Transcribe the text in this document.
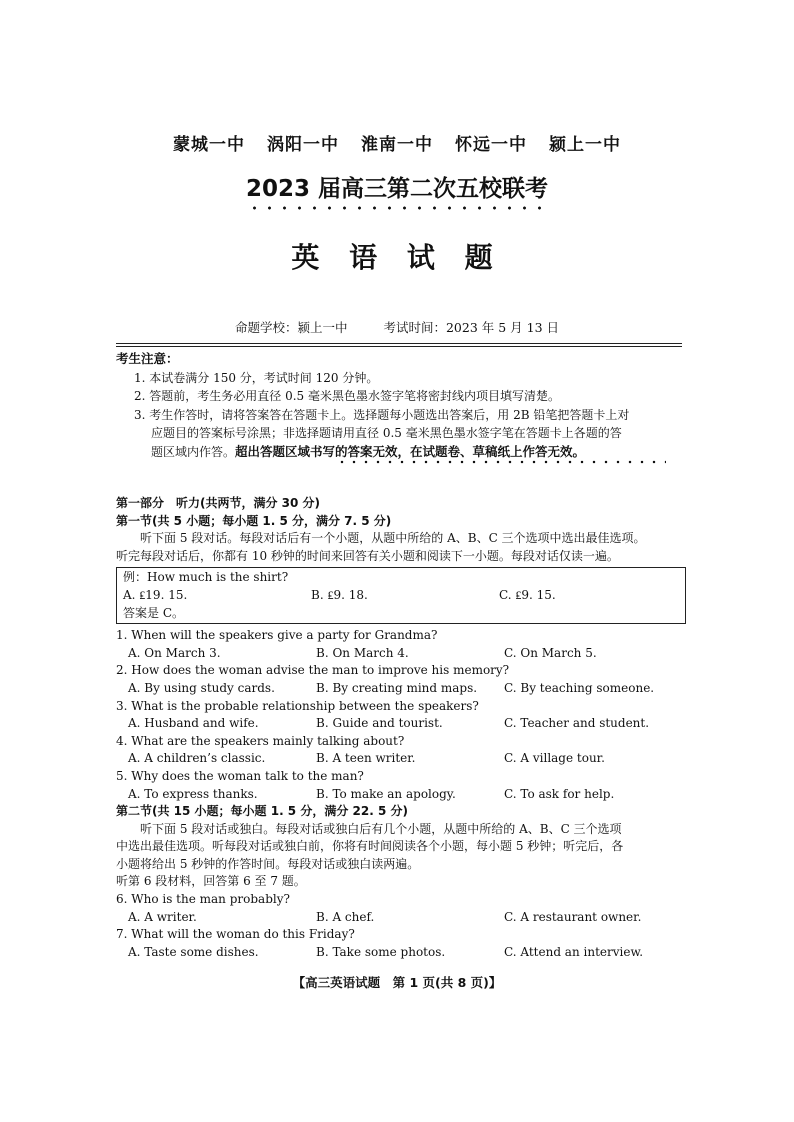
蒙城一中 涡阳一中 淮南一中 怀远一中 颍上一中
2023 届高三第二次五校联考
英 语 试 题
命题学校：颍上一中	考试时间：2023 年 5 月 13 日
考生注意：
1. 本试卷满分 150 分，考试时间 120 分钟。
2. 答题前，考生务必用直径 0.5 毫米黑色墨水签字笔将密封线内项目填写清楚。
3. 考生作答时，请将答案答在答题卡上。选择题每小题选出答案后，用 2B 铅笔把答题卡上对
应题目的答案标号涂黑；非选择题请用直径 0.5 毫米黑色墨水签字笔在答题卡上各题的答
题区域内作答。超出答题区域书写的答案无效，在试题卷、草稿纸上作答无效。
第一部分　听力(共两节，满分 30 分)
第一节(共 5 小题；每小题 1. 5 分，满分 7. 5 分)
听下面 5 段对话。每段对话后有一个小题，从题中所给的 A、B、C 三个选项中选出最佳选项。
听完每段对话后，你都有 10 秒钟的时间来回答有关小题和阅读下一小题。每段对话仅读一遍。
例：How much is the shirt?
A. ₤19. 15.	B. ₤9. 18.	C. ₤9. 15.
答案是 C。
1. When will the speakers give a party for Grandma?
A. On March 3.	B. On March 4.	C. On March 5.
2. How does the woman advise the man to improve his memory?
A. By using study cards.	B. By creating mind maps.	C. By teaching someone.
3. What is the probable relationship between the speakers?
A. Husband and wife.	B. Guide and tourist.	C. Teacher and student.
4. What are the speakers mainly talking about?
A. A children’s classic.	B. A teen writer.	C. A village tour.
5. Why does the woman talk to the man?
A. To express thanks.	B. To make an apology.	C. To ask for help.
第二节(共 15 小题；每小题 1. 5 分，满分 22. 5 分)
听下面 5 段对话或独白。每段对话或独白后有几个小题，从题中所给的 A、B、C 三个选项
中选出最佳选项。听每段对话或独白前，你将有时间阅读各个小题，每小题 5 秒钟；听完后，各
小题将给出 5 秒钟的作答时间。每段对话或独白读两遍。
听第 6 段材料，回答第 6 至 7 题。
6. Who is the man probably?
A. A writer.	B. A chef.	C. A restaurant owner.
7. What will the woman do this Friday?
A. Taste some dishes.	B. Take some photos.	C. Attend an interview.
【高三英语试题　第 1 页(共 8 页)】
